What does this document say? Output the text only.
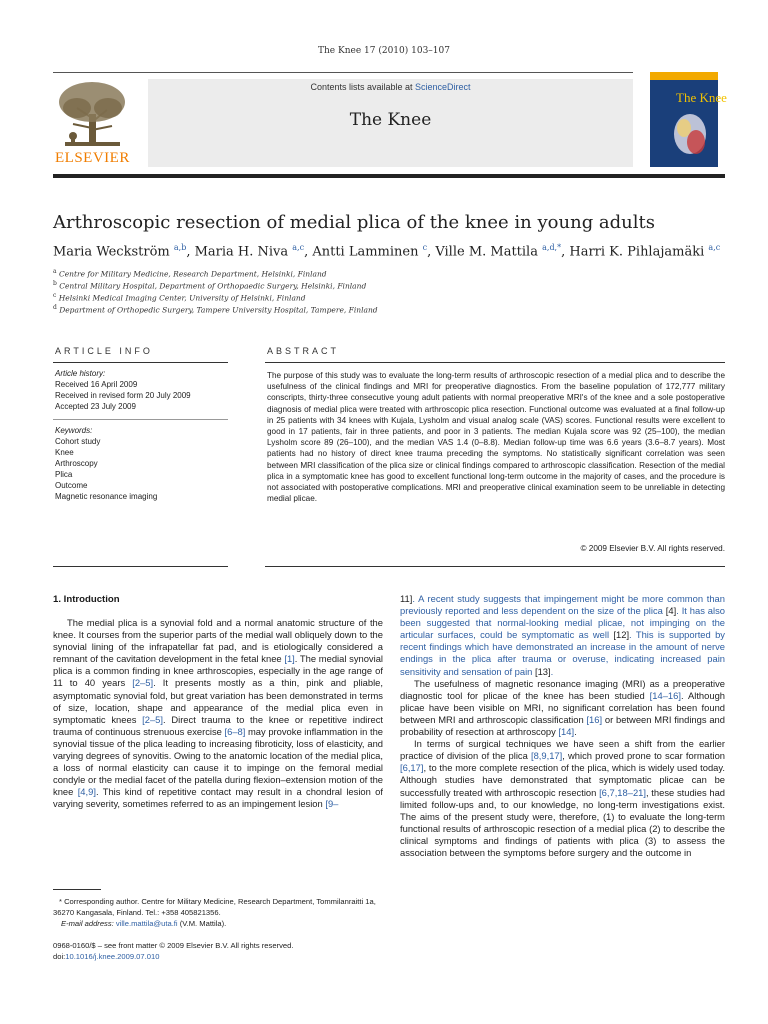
The Knee 17 (2010) 103–107
ELSEVIER
Contents lists available at ScienceDirect
The Knee
The Knee
Arthroscopic resection of medial plica of the knee in young adults
Maria Weckström $^{a,b}$, Maria H. Niva $^{a,c}$, Antti Lamminen $^c$, Ville M. Mattila $^{a,d,*}$, Harri K. Pihlajamäki $^{a,c}$
$^a$ Centre for Military Medicine, Research Department, Helsinki, Finland
$^b$ Central Military Hospital, Department of Orthopaedic Surgery, Helsinki, Finland
$^c$ Helsinki Medical Imaging Center, University of Helsinki, Finland
$^d$ Department of Orthopedic Surgery, Tampere University Hospital, Tampere, Finland
ARTICLE INFO
Article history:
Received 16 April 2009
Received in revised form 20 July 2009
Accepted 23 July 2009
Keywords:
Cohort study
Knee
Arthroscopy
Plica
Outcome
Magnetic resonance imaging
ABSTRACT
The purpose of this study was to evaluate the long-term results of arthroscopic resection of a medial plica and to describe the usefulness of the clinical findings and MRI for preoperative diagnostics. From the baseline population of 172,777 military conscripts, thirty-three consecutive young adult patients with normal preoperative MRI's of the knee and a sole postoperative diagnosis of medial plica were treated with arthroscopic plica resection. Functional outcome was evaluated at a final follow-up in 25 patients with 34 knees with Kujala, Lysholm and visual analog scale (VAS) scores. Functional results were excellent to good in 17 patients, fair in three patients, and poor in 3 patients. The median Kujala score was 92 (25–100), the median Lysholm score 89 (26–100), and the median VAS 1.4 (0–8.8). Median follow-up time was 6.6 years (3.6–8.7 years). Most patients had no history of direct knee trauma preceding the symptoms. No statistically significant correlation was seen between MRI classification of the plica size or clinical findings compared to arthroscopic classification. Resection of the medial plica in a symptomatic knee has good to excellent functional long-term outcome in the majority of cases, and the procedure is not associated with postoperative complications. MRI and preoperative clinical examination seem to be unreliable in detecting medial plicae.
© 2009 Elsevier B.V. All rights reserved.
1. Introduction

The medial plica is a synovial fold and a normal anatomic structure of the knee. It courses from the superior parts of the medial wall obliquely down to the synovial lining of the infrapatellar fat pad, and is etiologically considered a remnant of the cavitation development in the fetal knee [1]. The medial synovial plica is a common finding in knee arthroscopies, especially in the age range of 11 to 40 years [2–5]. It presents mostly as a thin, pink and pliable, asymptomatic synovial fold, but great variation has been demonstrated in terms of size, location, shape and appearance of the medial plica even in symptomatic knees [2–5]. Direct trauma to the knee or repetitive indirect trauma of continuous strenuous exercise [6–8] may provoke inflammation in the synovial tissue of the plica leading to increasing fibroticity, loss of elasticity, and varying degrees of synovitis. Owing to the anatomic location of the medial plica, a loss of normal elasticity can cause it to impinge on the femoral medial condyle or the medial facet of the patella during flexion–extension motion of the knee [4,9]. This kind of repetitive contact may result in a chondral lesion of varying severity, sometimes referred to as an impingement lesion [9–

11]. A recent study suggests that impingement might be more common than previously reported and less dependent on the size of the plica [4]. It has also been suggested that normal-looking medial plicae, not impinging on the articular surfaces, could be symptomatic as well [12]. This is supported by recent findings which have demonstrated an increase in the amount of nerve endings in the plica after trauma or overuse, indicating increased pain sensitivity and sensation of pain [13].

The usefulness of magnetic resonance imaging (MRI) as a preoperative diagnostic tool for plicae of the knee has been studied [14–16]. Although plicae have been visible on MRI, no significant correlation has been found between MRI and arthroscopic classification [16] or between MRI findings and probability of resection at arthroscopy [14].

In terms of surgical techniques we have seen a shift from the earlier practice of division of the plica [8,9,17], which proved prone to scar formation [6,17], to the more complete resection of the plica, which is widely used today. Although studies have demonstrated that symptomatic plicae can be successfully treated with arthroscopic resection [6,7,18–21], these studies had limited follow-ups and, to our knowledge, no long-term investigations exist. The aims of the present study were, therefore, (1) to evaluate the long-term functional results of arthroscopic resection of a medial plica (2) to describe the clinical symptoms and findings of patients with plica (3) to assess the association between the symptoms before surgery and the outcome in

* Corresponding author. Centre for Military Medicine, Research Department, Tommilanraitti 1a, 36270 Kangasala, Finland. Tel.: +358 405821356.
E-mail address: ville.mattila@uta.fi (V.M. Mattila).
0968-0160/$ – see front matter © 2009 Elsevier B.V. All rights reserved.
doi:10.1016/j.knee.2009.07.010
